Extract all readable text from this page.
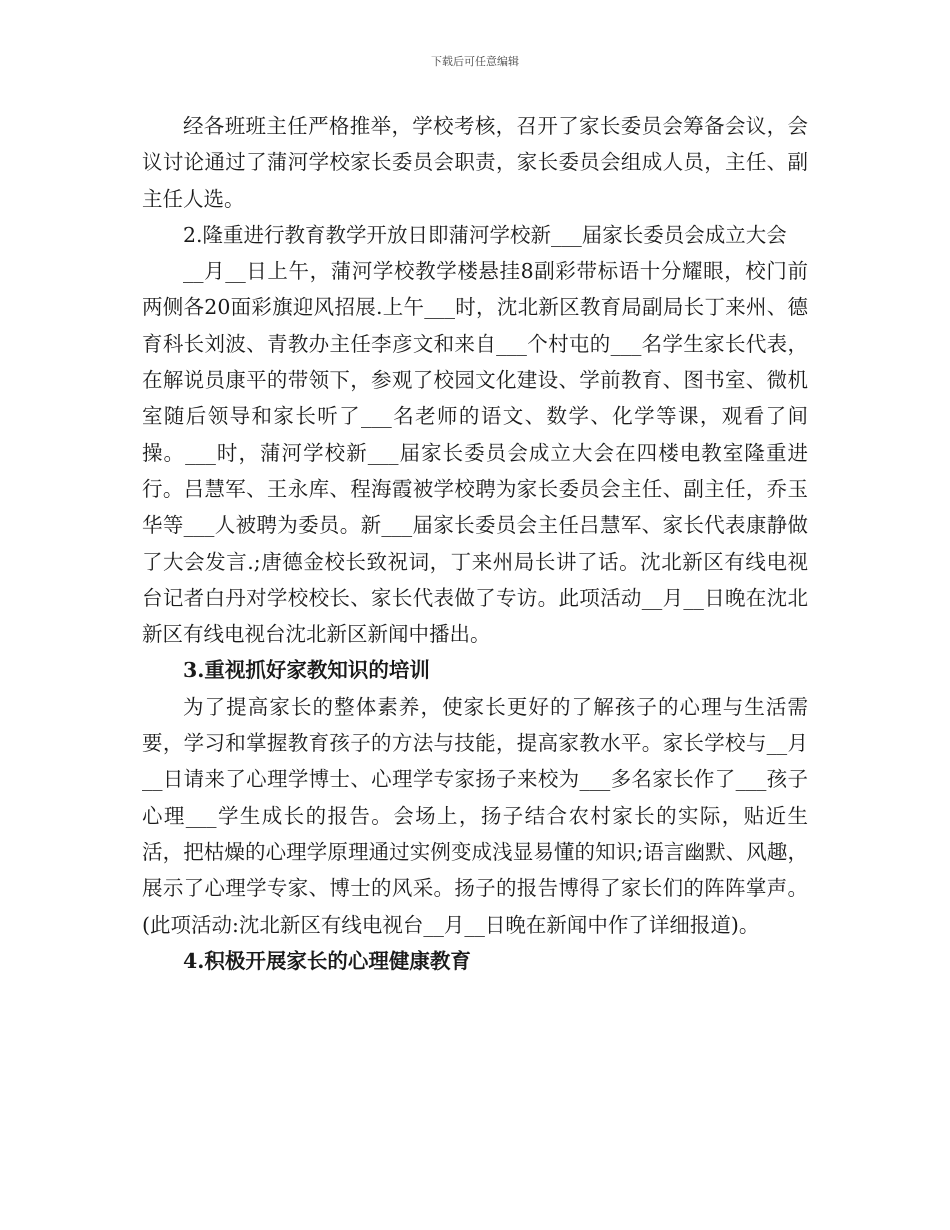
下载后可任意编辑

经各班班主任严格推举，学校考核，召开了家长委员会筹备会议，会议讨论通过了蒲河学校家长委员会职责，家长委员会组成人员，主任、副主任人选。

2.隆重进行教育教学开放日即蒲河学校新___届家长委员会成立大会

__月__日上午，蒲河学校教学楼悬挂8副彩带标语十分耀眼，校门前两侧各20面彩旗迎风招展.上午___时，沈北新区教育局副局长丁来州、德育科长刘波、青教办主任李彦文和来自___个村屯的___名学生家长代表，在解说员康平的带领下，参观了校园文化建设、学前教育、图书室、微机室随后领导和家长听了___名老师的语文、数学、化学等课，观看了间操。___时，蒲河学校新___届家长委员会成立大会在四楼电教室隆重进行。吕慧军、王永库、程海霞被学校聘为家长委员会主任、副主任，乔玉华等___人被聘为委员。新___届家长委员会主任吕慧军、家长代表康静做了大会发言.;唐德金校长致祝词，丁来州局长讲了话。沈北新区有线电视台记者白丹对学校校长、家长代表做了专访。此项活动__月__日晚在沈北新区有线电视台沈北新区新闻中播出。

3.重视抓好家教知识的培训

为了提高家长的整体素养，使家长更好的了解孩子的心理与生活需要，学习和掌握教育孩子的方法与技能，提高家教水平。家长学校与__月__日请来了心理学博士、心理学专家扬子来校为___多名家长作了___孩子心理___学生成长的报告。会场上，扬子结合农村家长的实际，贴近生活，把枯燥的心理学原理通过实例变成浅显易懂的知识;语言幽默、风趣，展示了心理学专家、博士的风采。扬子的报告博得了家长们的阵阵掌声。(此项活动:沈北新区有线电视台__月__日晚在新闻中作了详细报道)。

4.积极开展家长的心理健康教育
